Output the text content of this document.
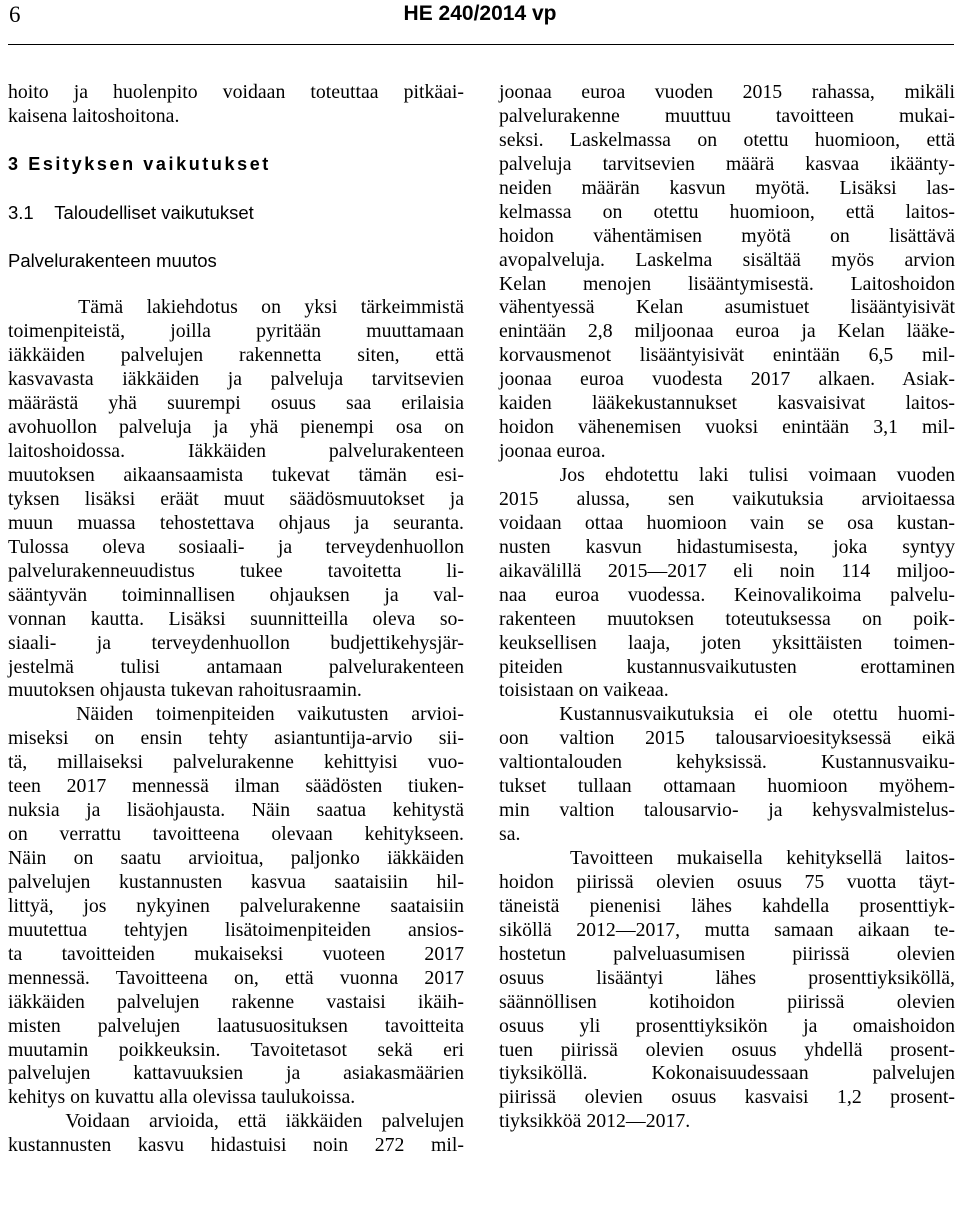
6	HE 240/2014 vp
hoito ja huolenpito voidaan toteuttaa pitkäai-
kaisena laitoshoitona.
3 Esityksen vaikutukset
3.1    Taloudelliset vaikutukset
Palvelurakenteen muutos
Tämä lakiehdotus on yksi tärkeimmistä
toimenpiteistä, joilla pyritään muuttamaan
iäkkäiden palvelujen rakennetta siten, että
kasvavasta iäkkäiden ja palveluja tarvitsevien
määrästä yhä suurempi osuus saa erilaisia
avohuollon palveluja ja yhä pienempi osa on
laitoshoidossa. Iäkkäiden palvelurakenteen
muutoksen aikaansaamista tukevat tämän esi-
tyksen lisäksi eräät muut säädösmuutokset ja
muun muassa tehostettava ohjaus ja seuranta.
Tulossa oleva sosiaali- ja terveydenhuollon
palvelurakenneuudistus tukee tavoitetta li-
sääntyvän toiminnallisen ohjauksen ja val-
vonnan kautta. Lisäksi suunnitteilla oleva so-
siaali- ja terveydenhuollon budjettikehysjär-
jestelmä tulisi antamaan palvelurakenteen
muutoksen ohjausta tukevan rahoitusraamin.
Näiden toimenpiteiden vaikutusten arvioi-
miseksi on ensin tehty asiantuntija-arvio sii-
tä, millaiseksi palvelurakenne kehittyisi vuo-
teen 2017 mennessä ilman säädösten tiuken-
nuksia ja lisäohjausta. Näin saatua kehitystä
on verrattu tavoitteena olevaan kehitykseen.
Näin on saatu arvioitua, paljonko iäkkäiden
palvelujen kustannusten kasvua saataisiin hil-
littyä, jos nykyinen palvelurakenne saataisiin
muutettua tehtyjen lisätoimenpiteiden ansios-
ta tavoitteiden mukaiseksi vuoteen 2017
mennessä. Tavoitteena on, että vuonna 2017
iäkkäiden palvelujen rakenne vastaisi ikäih-
misten palvelujen laatusuosituksen tavoitteita
muutamin poikkeuksin. Tavoitetasot sekä eri
palvelujen kattavuuksien ja asiakasmäärien
kehitys on kuvattu alla olevissa taulukoissa.
Voidaan arvioida, että iäkkäiden palvelujen
kustannusten kasvu hidastuisi noin 272 mil-
joonaa euroa vuoden 2015 rahassa, mikäli
palvelurakenne muuttuu tavoitteen mukai-
seksi. Laskelmassa on otettu huomioon, että
palveluja tarvitsevien määrä kasvaa ikäänty-
neiden määrän kasvun myötä. Lisäksi las-
kelmassa on otettu huomioon, että laitos-
hoidon vähentämisen myötä on lisättävä
avopalveluja. Laskelma sisältää myös arvion
Kelan menojen lisääntymisestä. Laitoshoidon
vähentyessä Kelan asumistuet lisääntyisivät
enintään 2,8 miljoonaa euroa ja Kelan lääke-
korvausmenot lisääntyisivät enintään 6,5 mil-
joonaa euroa vuodesta 2017 alkaen. Asiak-
kaiden lääkekustannukset kasvaisivat laitos-
hoidon vähenemisen vuoksi enintään 3,1 mil-
joonaa euroa.
Jos ehdotettu laki tulisi voimaan vuoden
2015 alussa, sen vaikutuksia arvioitaessa
voidaan ottaa huomioon vain se osa kustan-
nusten kasvun hidastumisesta, joka syntyy
aikavälillä 2015—2017 eli noin 114 miljoo-
naa euroa vuodessa. Keinovalikoima palvelu-
rakenteen muutoksen toteutuksessa on poik-
keuksellisen laaja, joten yksittäisten toimen-
piteiden kustannusvaikutusten erottaminen
toisistaan on vaikeaa.
Kustannusvaikutuksia ei ole otettu huomi-
oon valtion 2015 talousarvioesityksessä eikä
valtiontalouden kehyksissä. Kustannusvaiku-
tukset tullaan ottamaan huomioon myöhem-
min valtion talousarvio- ja kehysvalmistelus-
sa.
Tavoitteen mukaisella kehityksellä laitos-
hoidon piirissä olevien osuus 75 vuotta täyt-
täneistä pienenisi lähes kahdella prosenttiyk-
siköllä 2012—2017, mutta samaan aikaan te-
hostetun palveluasumisen piirissä olevien
osuus lisääntyi lähes prosenttiyksiköllä,
säännöllisen kotihoidon piirissä olevien
osuus yli prosenttiyksikön ja omaishoidon
tuen piirissä olevien osuus yhdellä prosent-
tiyksiköllä. Kokonaisuudessaan palvelujen
piirissä olevien osuus kasvaisi 1,2 prosent-
tiyksikköä 2012—2017.
